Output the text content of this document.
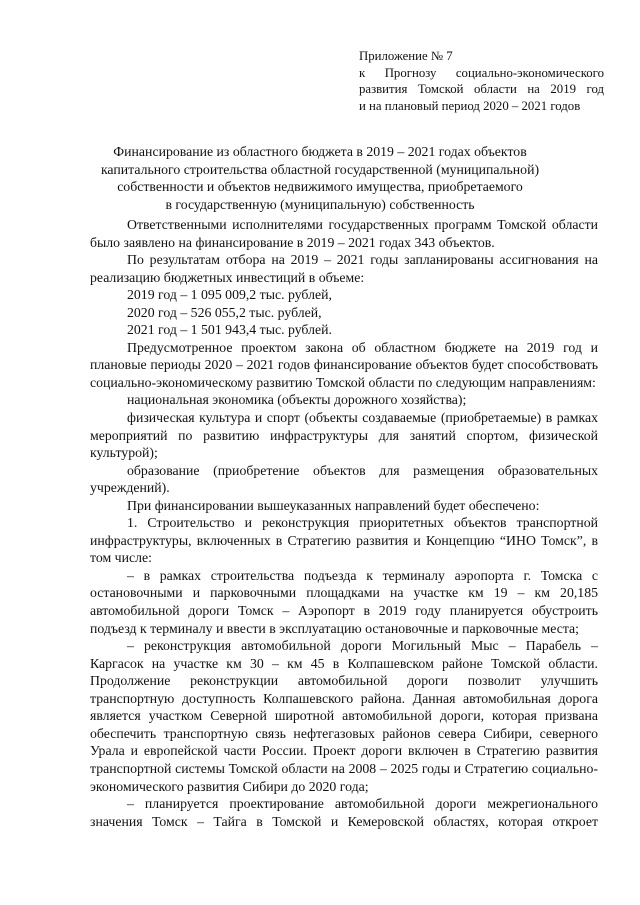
Приложение № 7
к Прогнозу социально-экономического
развития Томской области на 2019 год
и на плановый период 2020 – 2021 годов
Финансирование из областного бюджета в 2019 – 2021 годах объектов
капитального строительства областной государственной (муниципальной)
собственности и объектов недвижимого имущества, приобретаемого
в государственную (муниципальную) собственность

Ответственными исполнителями государственных программ Томской области было заявлено на финансирование в 2019 – 2021 годах 343 объектов.

По результатам отбора на 2019 – 2021 годы запланированы ассигнования на реализацию бюджетных инвестиций в объеме:

2019 год – 1 095 009,2 тыс. рублей,

2020 год – 526 055,2 тыс. рублей,

2021 год – 1 501 943,4 тыс. рублей.

Предусмотренное проектом закона об областном бюджете на 2019 год и плановые периоды 2020 – 2021 годов финансирование объектов будет способствовать социально-экономическому развитию Томской области по следующим направлениям:

национальная экономика (объекты дорожного хозяйства);

физическая культура и спорт (объекты создаваемые (приобретаемые) в рамках мероприятий по развитию инфраструктуры для занятий спортом, физической культурой);

образование (приобретение объектов для размещения образовательных учреждений).

При финансировании вышеуказанных направлений будет обеспечено:

1. Строительство и реконструкция приоритетных объектов транспортной инфраструктуры, включенных в Стратегию развития и Концепцию “ИНО Томск”, в том числе:

– в рамках строительства подъезда к терминалу аэропорта г. Томска с остановочными и парковочными площадками на участке км 19 – км 20,185 автомобильной дороги Томск – Аэропорт в 2019 году планируется обустроить подъезд к терминалу и ввести в эксплуатацию остановочные и парковочные места;

– реконструкция автомобильной дороги Могильный Мыс – Парабель – Каргасок на участке км 30 – км 45 в Колпашевском районе Томской области. Продолжение реконструкции автомобильной дороги позволит улучшить транспортную доступность Колпашевского района. Данная автомобильная дорога является участком Северной широтной автомобильной дороги, которая призвана обеспечить транспортную связь нефтегазовых районов севера Сибири, северного Урала и европейской части России. Проект дороги включен в Стратегию развития транспортной системы Томской области на 2008 – 2025 годы и Стратегию социально-экономического развития Сибири до 2020 года;

– планируется проектирование автомобильной дороги межрегионального значения Томск – Тайга в Томской и Кемеровской областях, которая откроет
